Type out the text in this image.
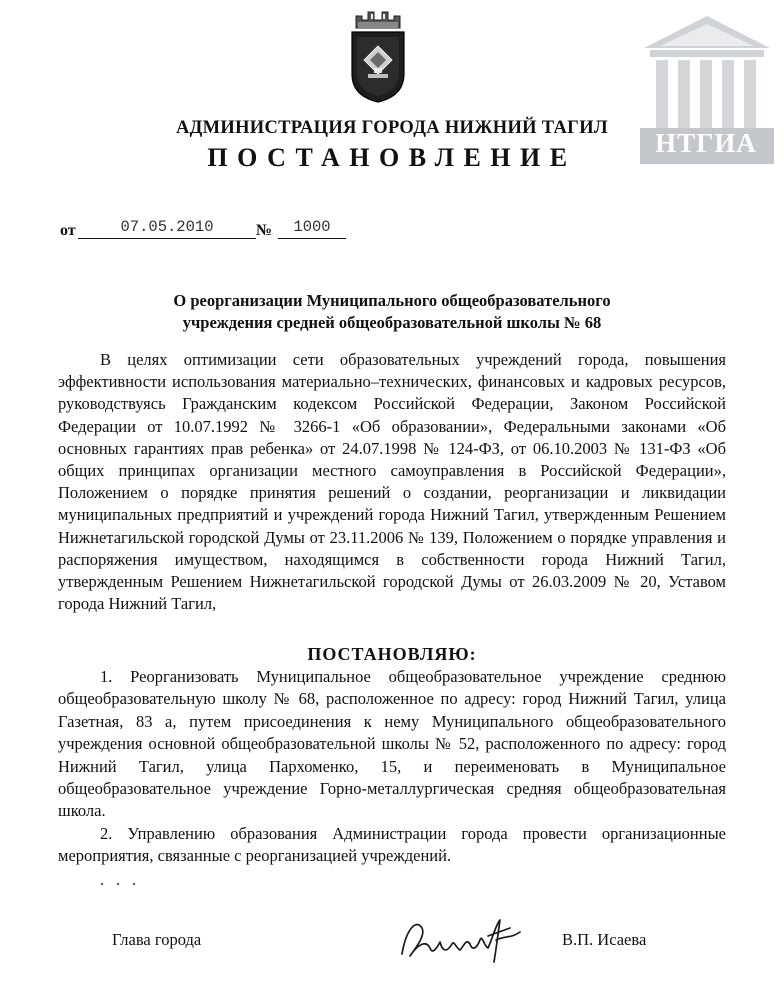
НТГИА
АДМИНИСТРАЦИЯ ГОРОДА НИЖНИЙ ТАГИЛ
ПОСТАНОВЛЕНИЕ
от	07.05.2010	№	1000
О реорганизации Муниципального общеобразовательного
учреждения средней общеобразовательной школы № 68

В целях оптимизации сети образовательных учреждений города, повышения эффективности использования материально–технических, финансовых и кадровых ресурсов, руководствуясь Гражданским кодексом Российской Федерации, Законом Российской Федерации от 10.07.1992 № 3266-1 «Об образовании», Федеральными законами «Об основных гарантиях прав ребенка» от 24.07.1998 № 124-ФЗ, от 06.10.2003 № 131-ФЗ «Об общих принципах организации местного самоуправления в Российской Федерации», Положением о порядке принятия решений о создании, реорганизации и ликвидации муниципальных предприятий и учреждений города Нижний Тагил, утвержденным Решением Нижнетагильской городской Думы от 23.11.2006 № 139, Положением о порядке управления и распоряжения имуществом, находящимся в собственности города Нижний Тагил, утвержденным Решением Нижнетагильской городской Думы от 26.03.2009 № 20, Уставом города Нижний Тагил,

ПОСТАНОВЛЯЮ:

1. Реорганизовать Муниципальное общеобразовательное учреждение среднюю общеобразовательную школу № 68, расположенное по адресу: город Нижний Тагил, улица Газетная, 83 а, путем присоединения к нему Муниципального общеобразовательного учреждения основной общеобразовательной школы № 52, расположенного по адресу: город Нижний Тагил, улица Пархоменко, 15, и переименовать в Муниципальное общеобразовательное учреждение Горно-металлургическая средняя общеобразовательная школа.

2. Управлению образования Администрации города провести организационные мероприятия, связанные с реорганизацией учреждений.

. . .
Глава города	В.П. Исаева
